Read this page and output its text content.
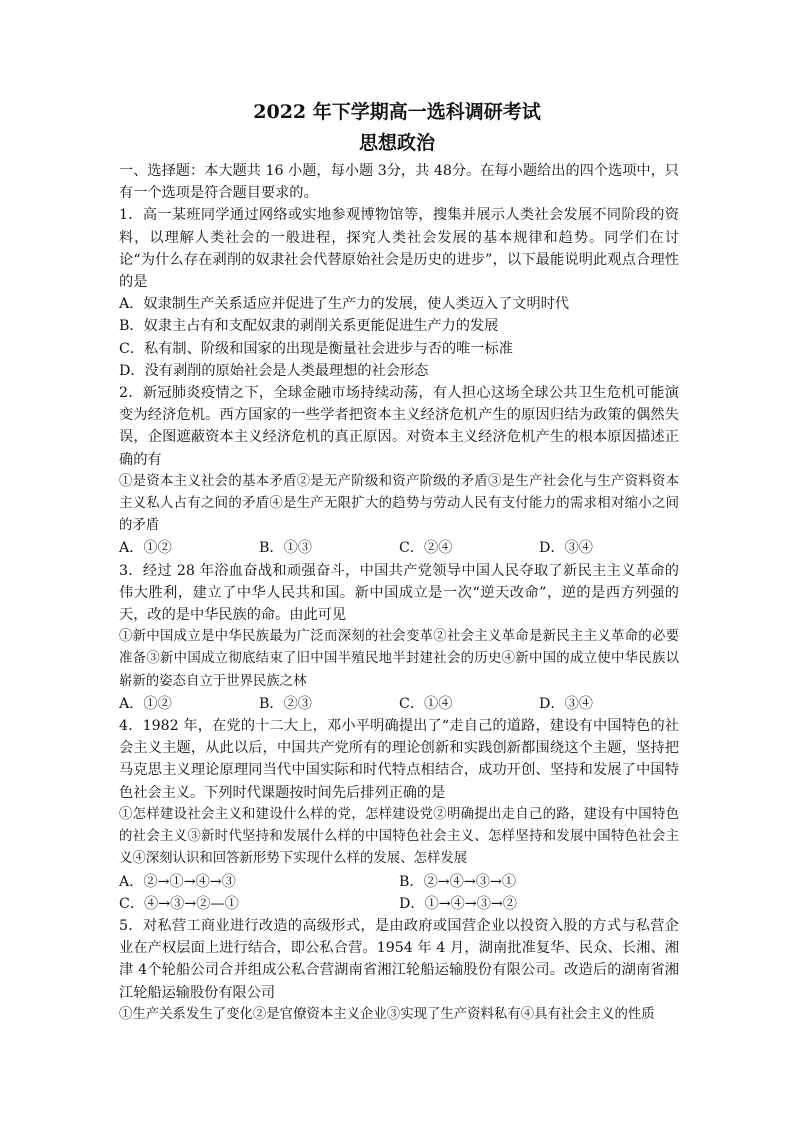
2022 年下学期高一选科调研考试
思想政治

一、选择题：本大题共 16 小题，每小题 3分，共 48分。在每小题给出的四个选项中，只有一个选项是符合题目要求的。

1．高一某班同学通过网络或实地参观博物馆等，搜集并展示人类社会发展不同阶段的资料，以理解人类社会的一般进程，探究人类社会发展的基本规律和趋势。同学们在讨论“为什么存在剥削的奴隶社会代替原始社会是历史的进步”，以下最能说明此观点合理性的是

A．奴隶制生产关系适应并促进了生产力的发展，使人类迈入了文明时代

B．奴隶主占有和支配奴隶的剥削关系更能促进生产力的发展

C．私有制、阶级和国家的出现是衡量社会进步与否的唯一标准

D．没有剥削的原始社会是人类最理想的社会形态

2．新冠肺炎疫情之下，全球金融市场持续动荡，有人担心这场全球公共卫生危机可能演变为经济危机。西方国家的一些学者把资本主义经济危机产生的原因归结为政策的偶然失误，企图遮蔽资本主义经济危机的真正原因。对资本主义经济危机产生的根本原因描述正确的有

①是资本主义社会的基本矛盾②是无产阶级和资产阶级的矛盾③是生产社会化与生产资料资本主义私人占有之间的矛盾④是生产无限扩大的趋势与劳动人民有支付能力的需求相对缩小之间的矛盾

A．①②	B．①③	C．②④	D．③④

3．经过 28 年浴血奋战和顽强奋斗，中国共产党领导中国人民夺取了新民主主义革命的伟大胜利，建立了中华人民共和国。新中国成立是一次“逆天改命”，逆的是西方列强的天，改的是中华民族的命。由此可见

①新中国成立是中华民族最为广泛而深刻的社会变革②社会主义革命是新民主主义革命的必要准备③新中国成立彻底结束了旧中国半殖民地半封建社会的历史④新中国的成立使中华民族以崭新的姿态自立于世界民族之林

A．①②	B．②③	C．①④	D．③④

4．1982 年，在党的十二大上，邓小平明确提出了“走自己的道路，建设有中国特色的社会主义主题，从此以后，中国共产党所有的理论创新和实践创新都围绕这个主题，坚持把马克思主义理论原理同当代中国实际和时代特点相结合，成功开创、坚持和发展了中国特色社会主义。下列时代课题按时间先后排列正确的是

①怎样建设社会主义和建设什么样的党，怎样建设党②明确提出走自己的路，建设有中国特色的社会主义③新时代坚持和发展什么样的中国特色社会主义、怎样坚持和发展中国特色社会主义④深刻认识和回答新形势下实现什么样的发展、怎样发展

A．②→①→④→③	B．②→④→③→①
C．④→③→②—①	D．①→④→③→②

5．对私营工商业进行改造的高级形式，是由政府或国营企业以投资入股的方式与私营企业在产权层面上进行结合，即公私合营。1954 年 4 月，湖南批准复华、民众、长湘、湘津 4个轮船公司合并组成公私合营湖南省湘江轮船运输股份有限公司。改造后的湖南省湘江轮船运输股份有限公司

①生产关系发生了变化②是官僚资本主义企业③实现了生产资料私有④具有社会主义的性质
